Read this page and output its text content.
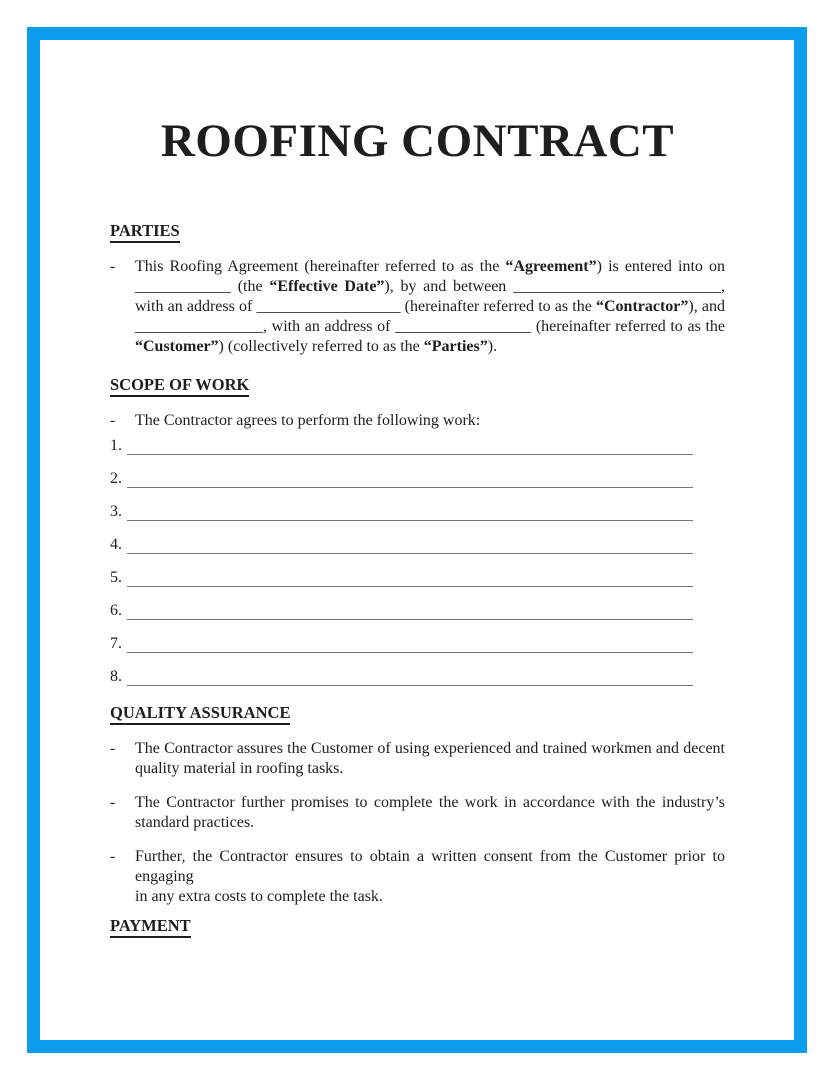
ROOFING CONTRACT
PARTIES
-	This Roofing Agreement (hereinafter referred to as the “Agreement”) is entered into on
____________ (the “Effective Date”), by and between __________________________,
with an address of __________________ (hereinafter referred to as the “Contractor”), and
________________, with an address of _________________ (hereinafter referred to as the
“Customer”) (collectively referred to as the “Parties”).
SCOPE OF WORK
-	The Contractor agrees to perform the following work:
1.
2.
3.
4.
5.
6.
7.
8.
QUALITY ASSURANCE
-	The Contractor assures the Customer of using experienced and trained workmen and decent
quality material in roofing tasks.
-	The Contractor further promises to complete the work in accordance with the industry’s
standard practices.
-	Further, the Contractor ensures to obtain a written consent from the Customer prior to engaging
in any extra costs to complete the task.
PAYMENT
